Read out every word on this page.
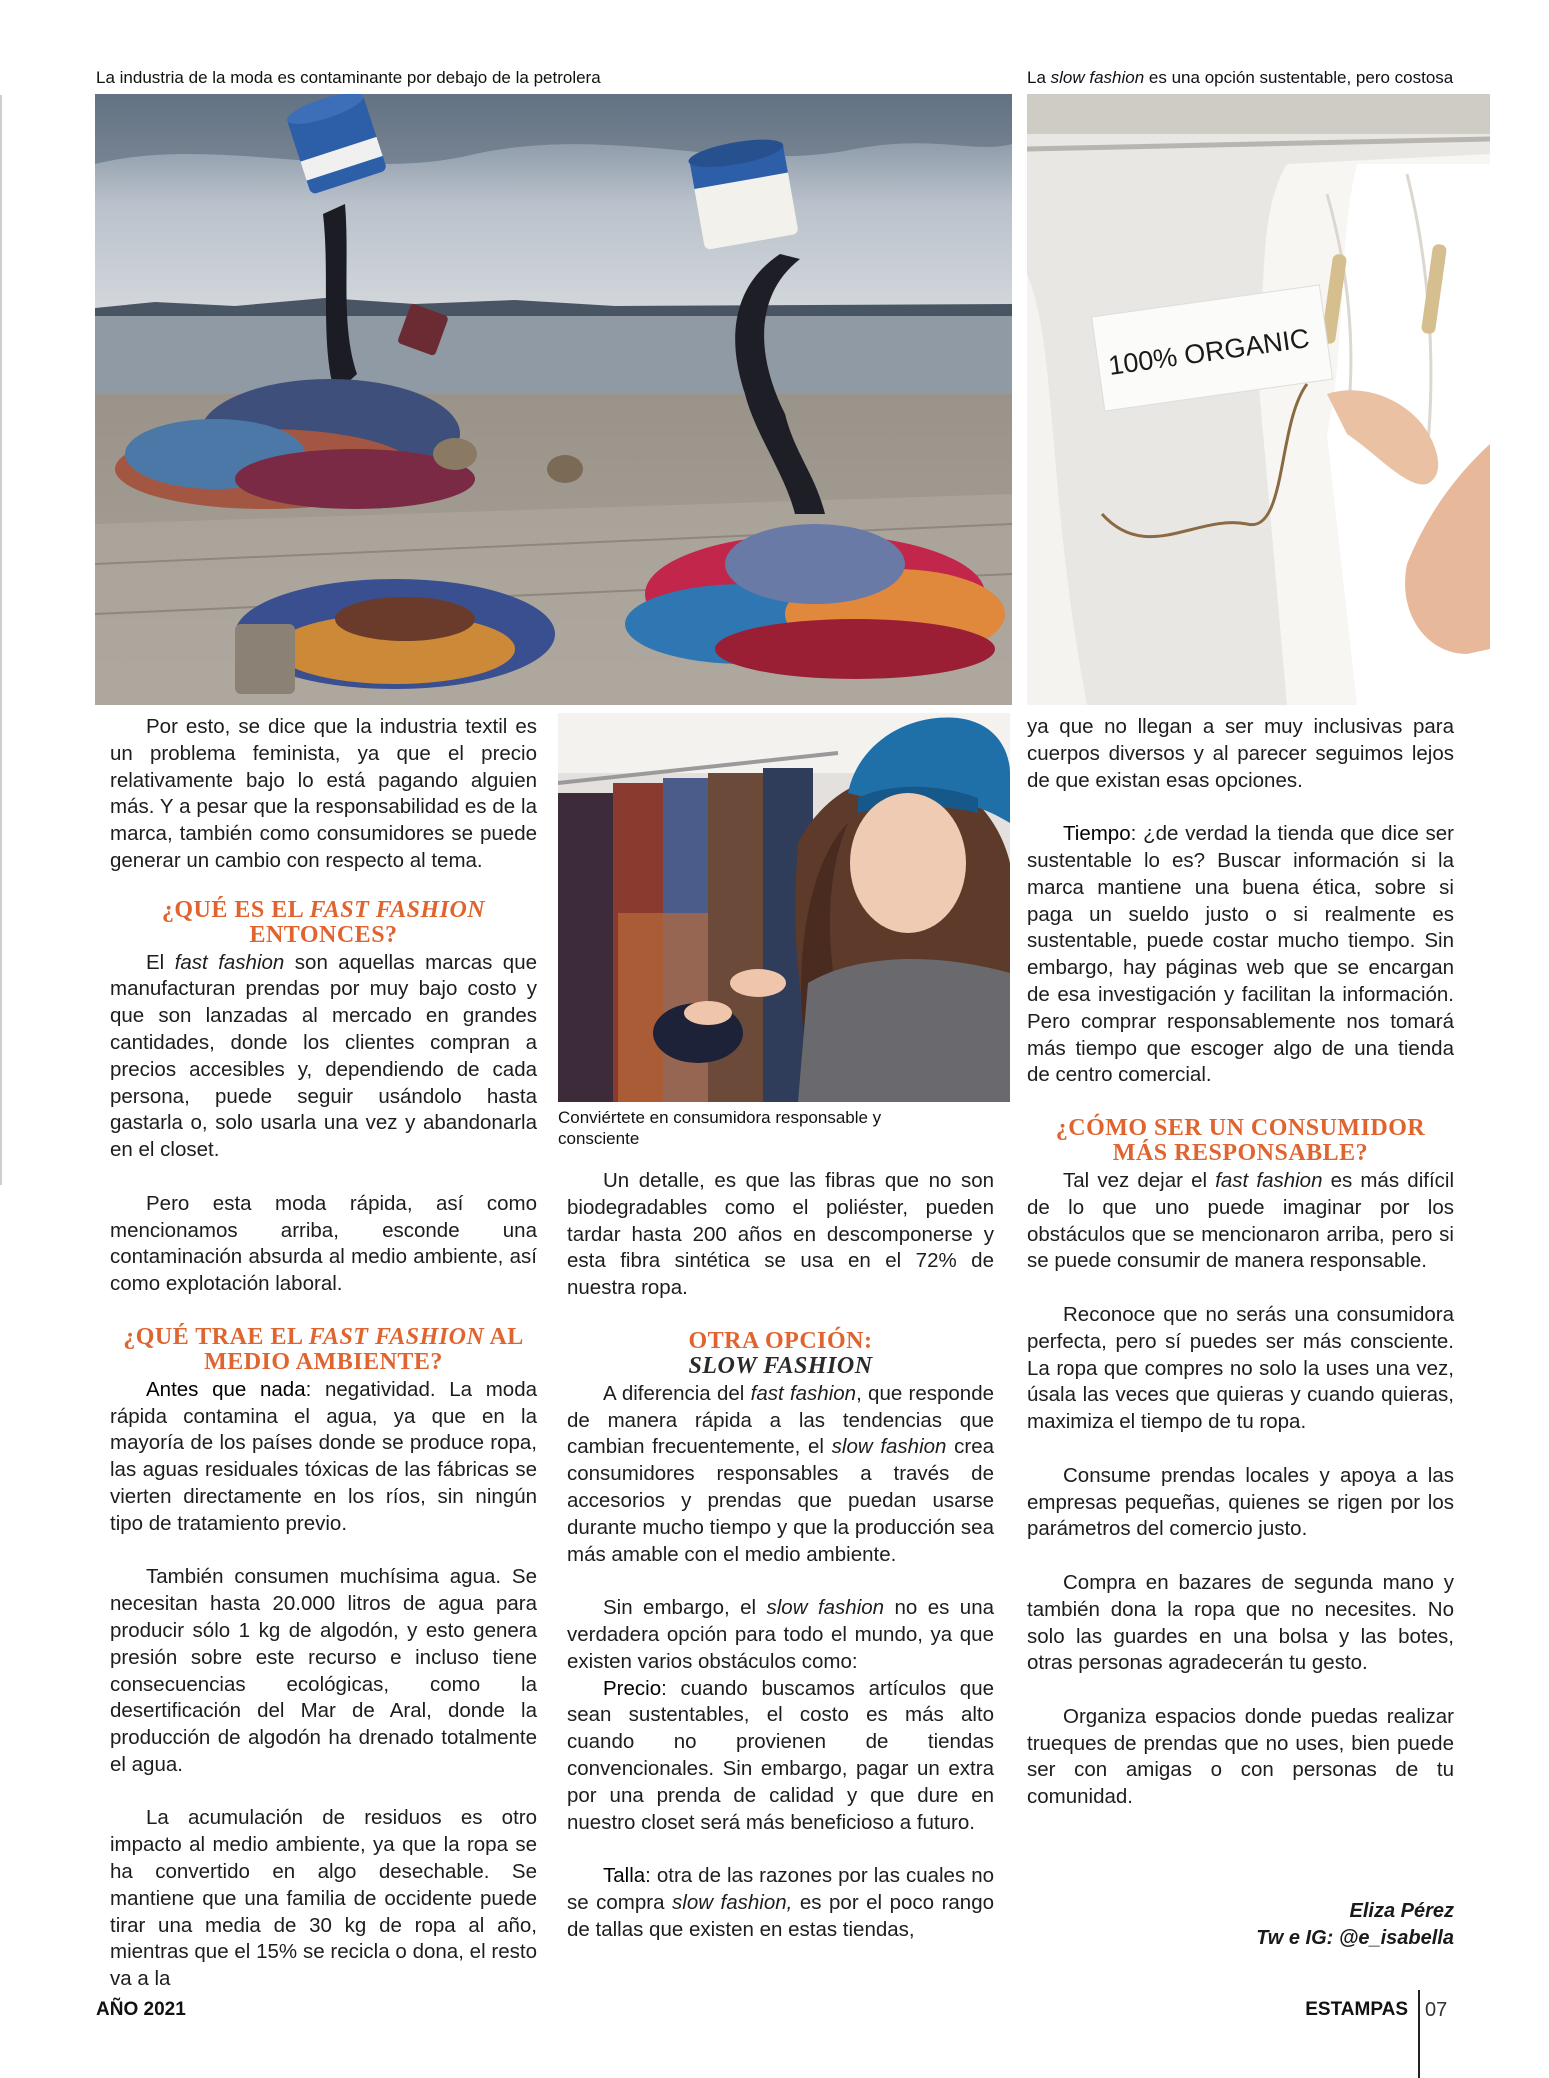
La industria de la moda es contaminante por debajo de la petrolera	La slow fashion es una opción sustentable, pero costosa
100% ORGANIC
Conviértete en consumidora responsable y consciente

Por esto, se dice que la industria textil es un problema feminista, ya que el precio relativamente bajo lo está pagando alguien más. Y a pesar que la responsabilidad es de la marca, también como consumidores se puede generar un cambio con respecto al tema.

¿QUÉ ES EL FAST FASHION ENTONCES?

El fast fashion son aquellas marcas que manufacturan prendas por muy bajo costo y que son lanzadas al mercado en grandes cantidades, donde los clientes compran a precios accesibles y, dependiendo de cada persona, puede seguir usándolo hasta gastarla o, solo usarla una vez y abandonarla en el closet.

Pero esta moda rápida, así como mencionamos arriba, esconde una contaminación absurda al medio ambiente, así como explotación laboral.

¿QUÉ TRAE EL FAST FASHION AL MEDIO AMBIENTE?

Antes que nada: negatividad. La moda rápida contamina el agua, ya que en la mayoría de los países donde se produce ropa, las aguas residuales tóxicas de las fábricas se vierten directamente en los ríos, sin ningún tipo de tratamiento previo.

También consumen muchísima agua. Se necesitan hasta 20.000 litros de agua para producir sólo 1 kg de algodón, y esto genera presión sobre este recurso e incluso tiene consecuencias ecológicas, como la desertificación del Mar de Aral, donde la producción de algodón ha drenado totalmente el agua.

La acumulación de residuos es otro impacto al medio ambiente, ya que la ropa se ha convertido en algo desechable. Se mantiene que una familia de occidente puede tirar una media de 30 kg de ropa al año, mientras que el 15% se recicla o dona, el resto va a la

Un detalle, es que las fibras que no son biodegradables como el poliéster, pueden tardar hasta 200 años en descomponerse y esta fibra sintética se usa en el 72% de nuestra ropa.

OTRA OPCIÓN:
SLOW FASHION

A diferencia del fast fashion, que responde de manera rápida a las tendencias que cambian frecuentemente, el slow fashion crea consumidores responsables a través de accesorios y prendas que puedan usarse durante mucho tiempo y que la producción sea más amable con el medio ambiente.

Sin embargo, el slow fashion no es una verdadera opción para todo el mundo, ya que existen varios obstáculos como:

Precio: cuando buscamos artículos que sean sustentables, el costo es más alto cuando no provienen de tiendas convencionales. Sin embargo, pagar un extra por una prenda de calidad y que dure en nuestro closet será más beneficioso a futuro.

Talla: otra de las razones por las cuales no se compra slow fashion, es por el poco rango de tallas que existen en estas tiendas,

ya que no llegan a ser muy inclusivas para cuerpos diversos y al parecer seguimos lejos de que existan esas opciones.

Tiempo: ¿de verdad la tienda que dice ser sustentable lo es? Buscar información si la marca mantiene una buena ética, sobre si paga un sueldo justo o si realmente es sustentable, puede costar mucho tiempo. Sin embargo, hay páginas web que se encargan de esa investigación y facilitan la información. Pero comprar responsablemente nos tomará más tiempo que escoger algo de una tienda de centro comercial.

¿CÓMO SER UN CONSUMIDOR MÁS RESPONSABLE?

Tal vez dejar el fast fashion es más difícil de lo que uno puede imaginar por los obstáculos que se mencionaron arriba, pero si se puede consumir de manera responsable.

Reconoce que no serás una consumidora perfecta, pero sí puedes ser más consciente. La ropa que compres no solo la uses una vez, úsala las veces que quieras y cuando quieras, maximiza el tiempo de tu ropa.

Consume prendas locales y apoya a las empresas pequeñas, quienes se rigen por los parámetros del comercio justo.

Compra en bazares de segunda mano y también dona la ropa que no necesites. No solo las guardes en una bolsa y las botes, otras personas agradecerán tu gesto.

Organiza espacios donde puedas realizar trueques de prendas que no uses, bien puede ser con amigas o con personas de tu comunidad.

Eliza Pérez
Tw e IG: @e_isabella
AÑO 2021	ESTAMPAS 07
